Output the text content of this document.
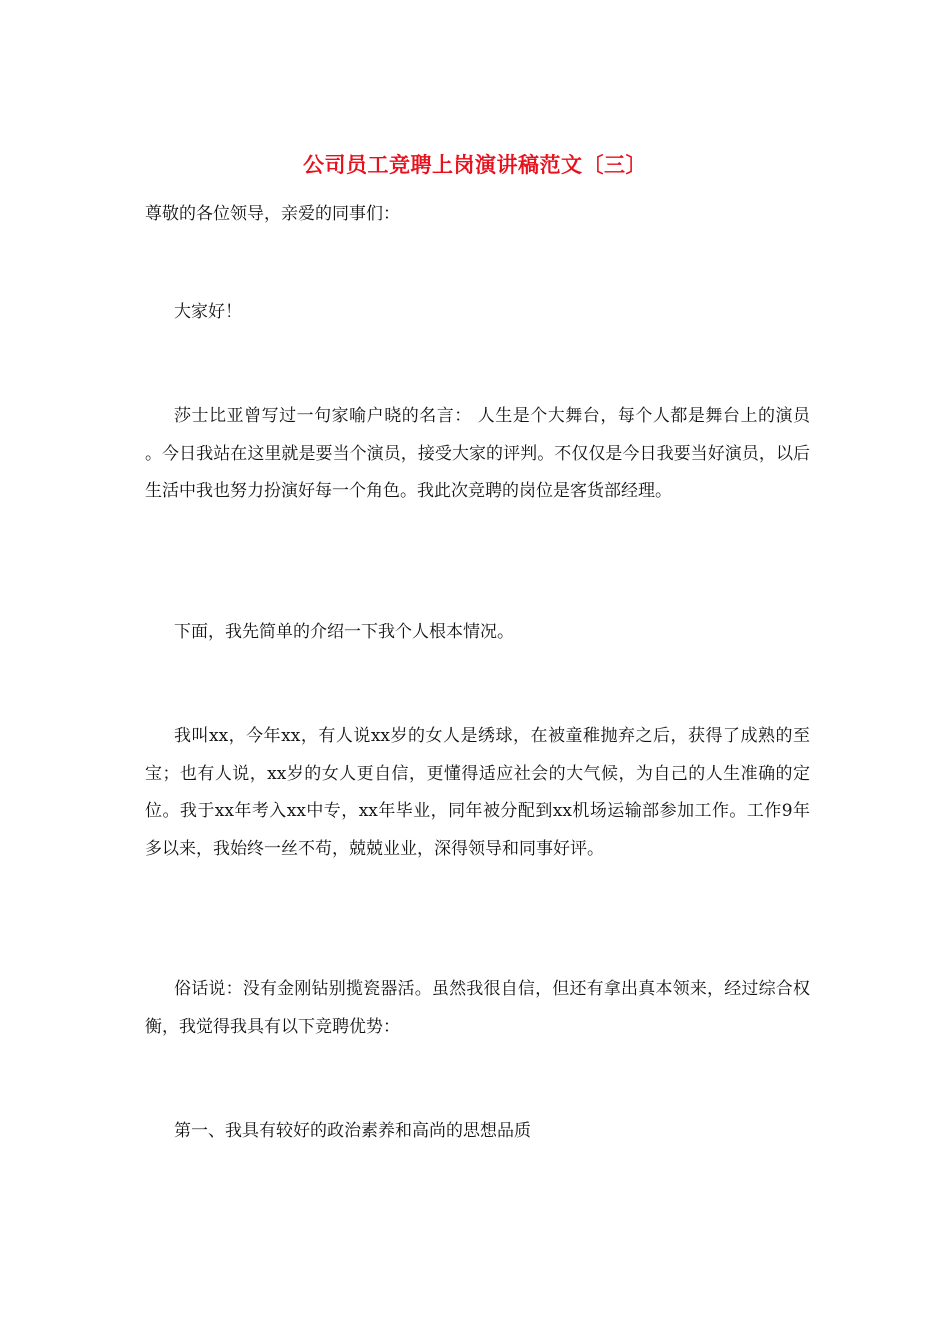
公司员工竞聘上岗演讲稿范文〔三〕

尊敬的各位领导，亲爱的同事们：

大家好！

莎士比亚曾写过一句家喻户晓的名言： 人生是个大舞台，每个人都是舞台上的演员 。今日我站在这里就是要当个演员，接受大家的评判。不仅仅是今日我要当好演员，以后生活中我也努力扮演好每一个角色。我此次竞聘的岗位是客货部经理。

下面，我先简单的介绍一下我个人根本情况。

我叫xx，今年xx，有人说xx岁的女人是绣球，在被童稚抛弃之后，获得了成熟的至宝；也有人说，xx岁的女人更自信，更懂得适应社会的大气候，为自己的人生准确的定位。我于xx年考入xx中专，xx年毕业，同年被分配到xx机场运输部参加工作。工作9年多以来，我始终一丝不苟，兢兢业业，深得领导和同事好评。

俗话说：没有金刚钻别揽瓷器活。虽然我很自信，但还有拿出真本领来，经过综合权衡，我觉得我具有以下竞聘优势：

第一、我具有较好的政治素养和高尚的思想品质
